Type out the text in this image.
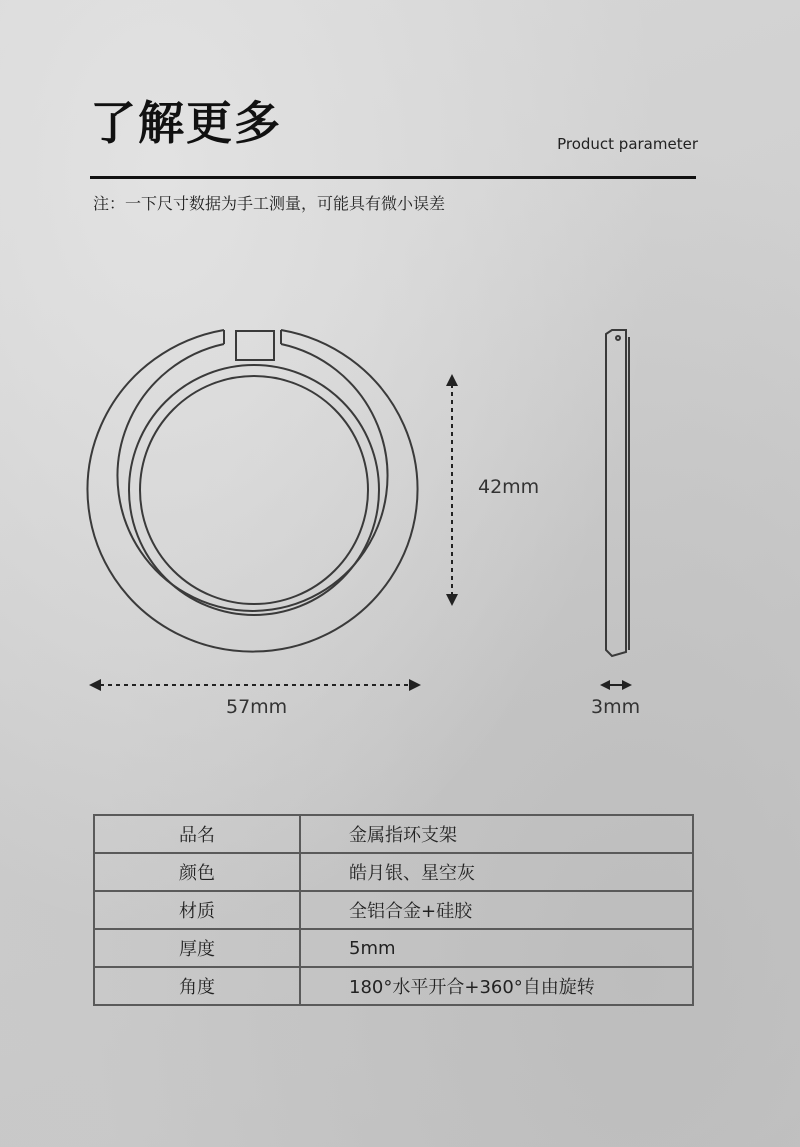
了解更多	Product parameter
注：一下尺寸数据为手工测量，可能具有微小误差
42mm
57mm	3mm
品名	金属指环支架
颜色	皓月银、星空灰
材质	全铝合金+硅胶
厚度	5mm
角度	180°水平开合+360°自由旋转
